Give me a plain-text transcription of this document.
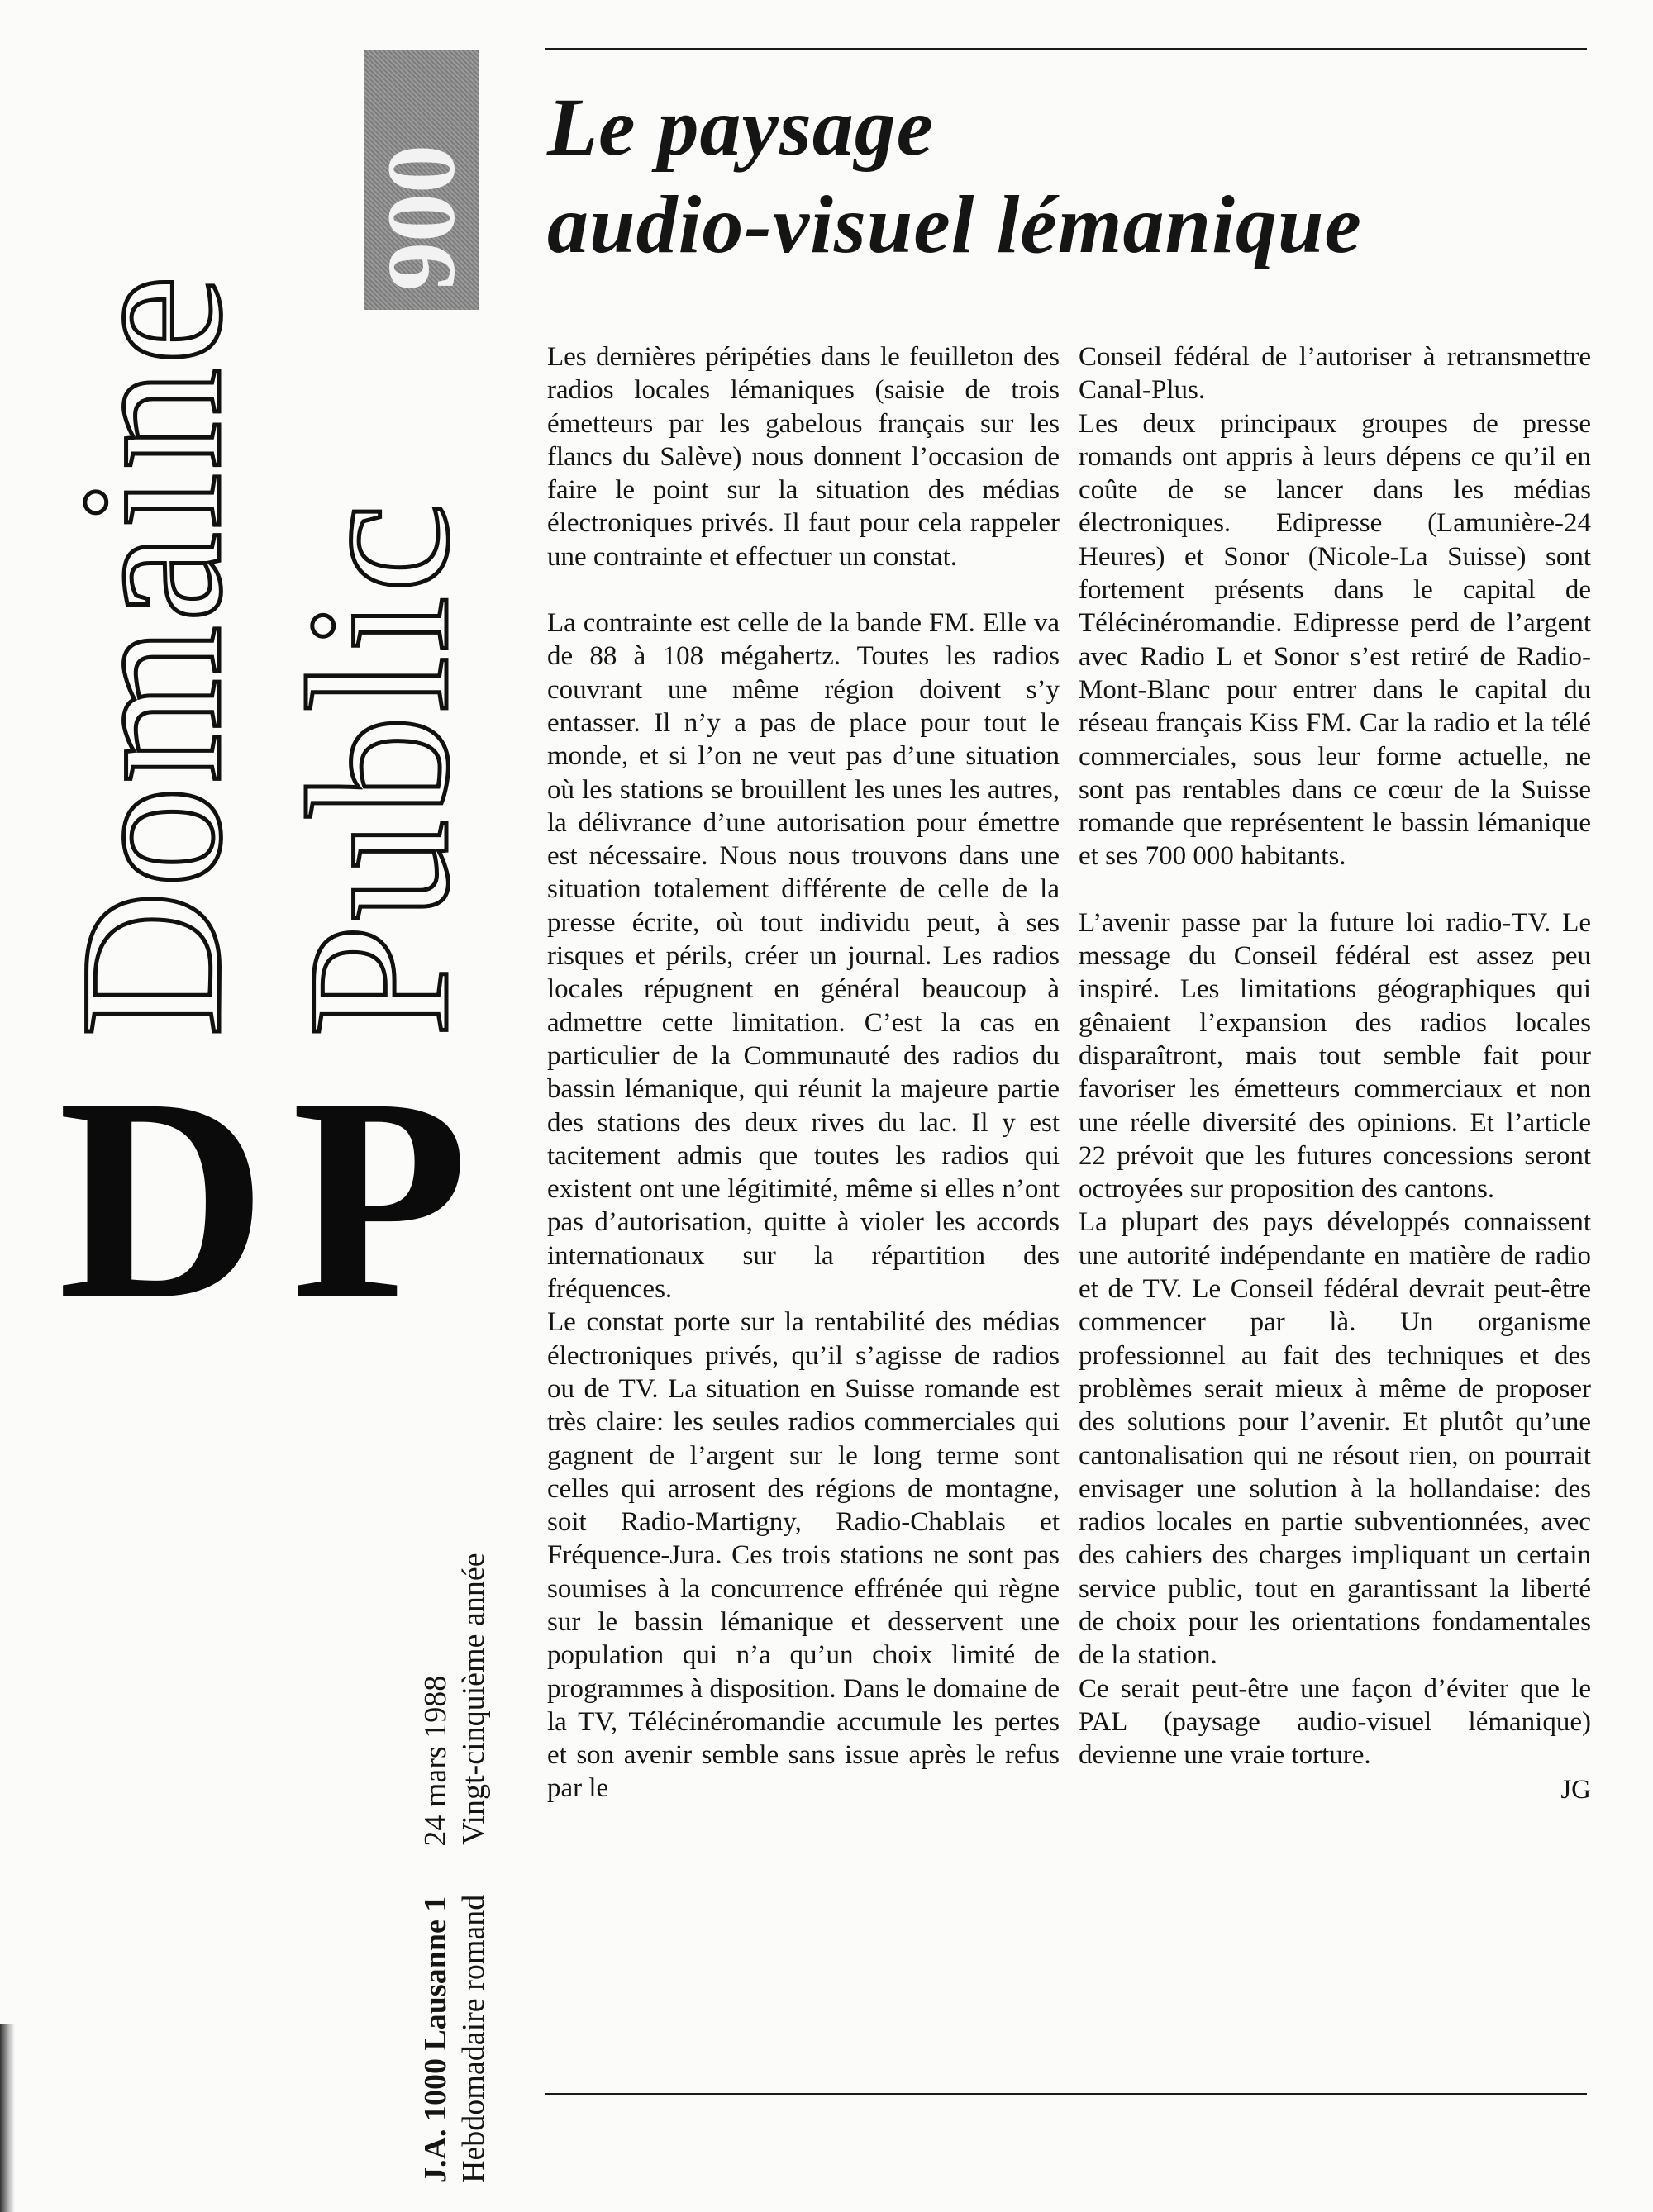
Domaine Public
900
DP
J.A. 1000 Lausanne 124 mars 1988
Hebdomadaire romandVingt-cinquième année
Le paysage
audio-visuel lémanique

Les dernières péripéties dans le feuilleton des radios locales lémaniques (saisie de trois émetteurs par les gabelous français sur les flancs du Salève) nous donnent l’occasion de faire le point sur la situation des médias électroniques privés. Il faut pour cela rappeler une contrainte et effectuer un constat.

La contrainte est celle de la bande FM. Elle va de 88 à 108 mégahertz. Toutes les radios couvrant une même région doivent s’y entasser. Il n’y a pas de place pour tout le monde, et si l’on ne veut pas d’une situation où les stations se brouillent les unes les autres, la délivrance d’une autorisation pour émettre est nécessaire. Nous nous trouvons dans une situation totalement différente de celle de la presse écrite, où tout individu peut, à ses risques et périls, créer un journal. Les radios locales répugnent en général beaucoup à admettre cette limitation. C’est la cas en particulier de la Communauté des radios du bassin lémanique, qui réunit la majeure partie des stations des deux rives du lac. Il y est tacitement admis que toutes les radios qui existent ont une légitimité, même si elles n’ont pas d’autorisation, quitte à violer les accords internationaux sur la répartition des fréquences.

Le constat porte sur la rentabilité des médias électroniques privés, qu’il s’agisse de radios ou de TV. La situation en Suisse romande est très claire: les seules radios commerciales qui gagnent de l’argent sur le long terme sont celles qui arrosent des régions de montagne, soit Radio-Martigny, Radio-Chablais et Fréquence-Jura. Ces trois stations ne sont pas soumises à la concurrence effrénée qui règne sur le bassin lémanique et desservent une population qui n’a qu’un choix limité de programmes à disposition. Dans le domaine de la TV, Télécinéromandie accumule les pertes et son avenir semble sans issue après le refus par le

Conseil fédéral de l’autoriser à retransmettre Canal-Plus.

Les deux principaux groupes de presse romands ont appris à leurs dépens ce qu’il en coûte de se lancer dans les médias électroniques. Edipresse (Lamunière-24 Heures) et Sonor (Nicole-La Suisse) sont fortement présents dans le capital de Télécinéromandie. Edipresse perd de l’argent avec Radio L et Sonor s’est retiré de Radio-Mont-Blanc pour entrer dans le capital du réseau français Kiss FM. Car la radio et la télé commerciales, sous leur forme actuelle, ne sont pas rentables dans ce cœur de la Suisse romande que représentent le bassin lémanique et ses 700 000 habitants.

L’avenir passe par la future loi radio-TV. Le message du Conseil fédéral est assez peu inspiré. Les limitations géographiques qui gênaient l’expansion des radios locales disparaîtront, mais tout semble fait pour favoriser les émetteurs commerciaux et non une réelle diversité des opinions. Et l’article 22 prévoit que les futures concessions seront octroyées sur proposition des cantons.

La plupart des pays développés connaissent une autorité indépendante en matière de radio et de TV. Le Conseil fédéral devrait peut-être commencer par là. Un organisme professionnel au fait des techniques et des problèmes serait mieux à même de proposer des solutions pour l’avenir. Et plutôt qu’une cantonalisation qui ne résout rien, on pourrait envisager une solution à la hollandaise: des radios locales en partie subventionnées, avec des cahiers des charges impliquant un certain service public, tout en garantissant la liberté de choix pour les orientations fondamentales de la station.

Ce serait peut-être une façon d’éviter que le PAL (paysage audio-visuel lémanique) devienne une vraie torture.

JG
